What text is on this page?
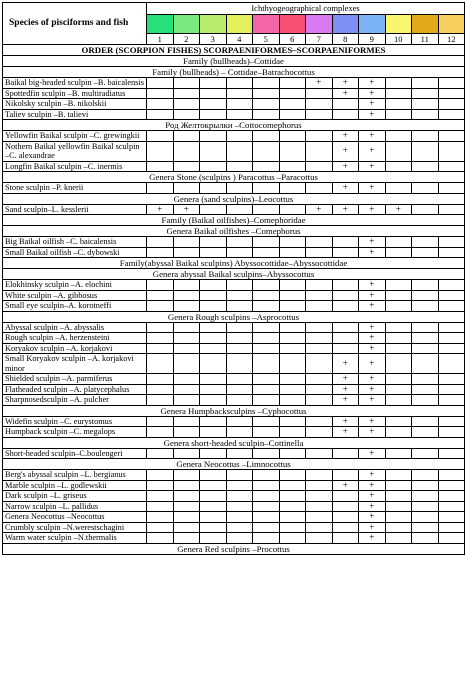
Species of pisciforms and fish	Ichthyogeographical complexes											

	1	2	3	4	5	6	7	8	9	10	11	12
ORDER (SCORPION FISHES) SCORPAENIFORMES–SCORPAENIFORMES												
Family (bullheads)–Cottidae												
Family (bullheads) – Cottidae–Batrachocottus												
Baikal big-headed sculpin –B. baicalensis							+	+	+			
Spottedfin sculpin –B. multiradiatus								+	+			
Nikolsky sculpin –B. nikolskii									+			
Taliev sculpin –B. talievi									+			
Род Желтокрылки –Cottocomephorus												
Yellowfin Baikal sculpin –C. grewingkii								+	+			
Nothern Baikal yellowfin Baikal sculpin –C. alexandrae								+	+			
Longfin Baikal sculpin –C. inermis								+	+			
Genera Stone (sculpins ) Paracottus –Paracottus												
Stone sculpin –P. knerii								+	+			
Genera (sand sculpins)–Leocottus												
Sand sculpin–L. kesslerii	+	+					+	+	+	+		
Family (Baikal oilfishes)–Comephoridae												
Genera Baikal oilfishes –Comephorus												
Big Baikal oilfish –C. baicalensis									+			
Small Baikal oilfish –C. dybowski									+			
Family(abyssal Baikal sculpins) Abyssocottidae–Abyssocottidae												
Genera abyssal Baikal sculpins–Abyssocottus												
Elokhinsky sculpin –A. elochini									+			
White sculpin –A. gibbosus									+			
Small eye sculpin–A. korotneffi									+			
Genera Rough sculpins –Asprocottus												
Abyssal sculpin –A. abyssalis									+			
Rough sculpin –A. herzensteini									+			
Koryakov sculpin –A. korjakovi									+			
Small Koryakov sculpin –A. korjakovi minor								+	+			
Shielded sculpin –A. parmiferus								+	+			
Flatheaded sculpin –A. platycephalus								+	+			
Sharpnosedsculpin –A. pulcher								+	+			
Genera Humpbacksculpins –Cyphocottus												
Widefin sculpin –C. eurystomus								+	+			
Humpback sculpin –C. megalops								+	+			
Genera short-headed sculpin–Cottinella												
Short-headed sculpin–C.boulengeri									+			
Genera Neocottus –Limnocottus												
Berg's abyssal sculpin –L. bergianus									+			
Marble sculpin –L. godlewskii								+	+			
Dark sculpin –L. griseus									+			
Narrow sculpin –L. pallidus									+			
Genera Neocottus –Neocottus									+			
Crumbly sculpin –N.werestschagini									+			
Warm water sculpin –N.thermalis									+			
Genera Red sculpins –Procottus												
